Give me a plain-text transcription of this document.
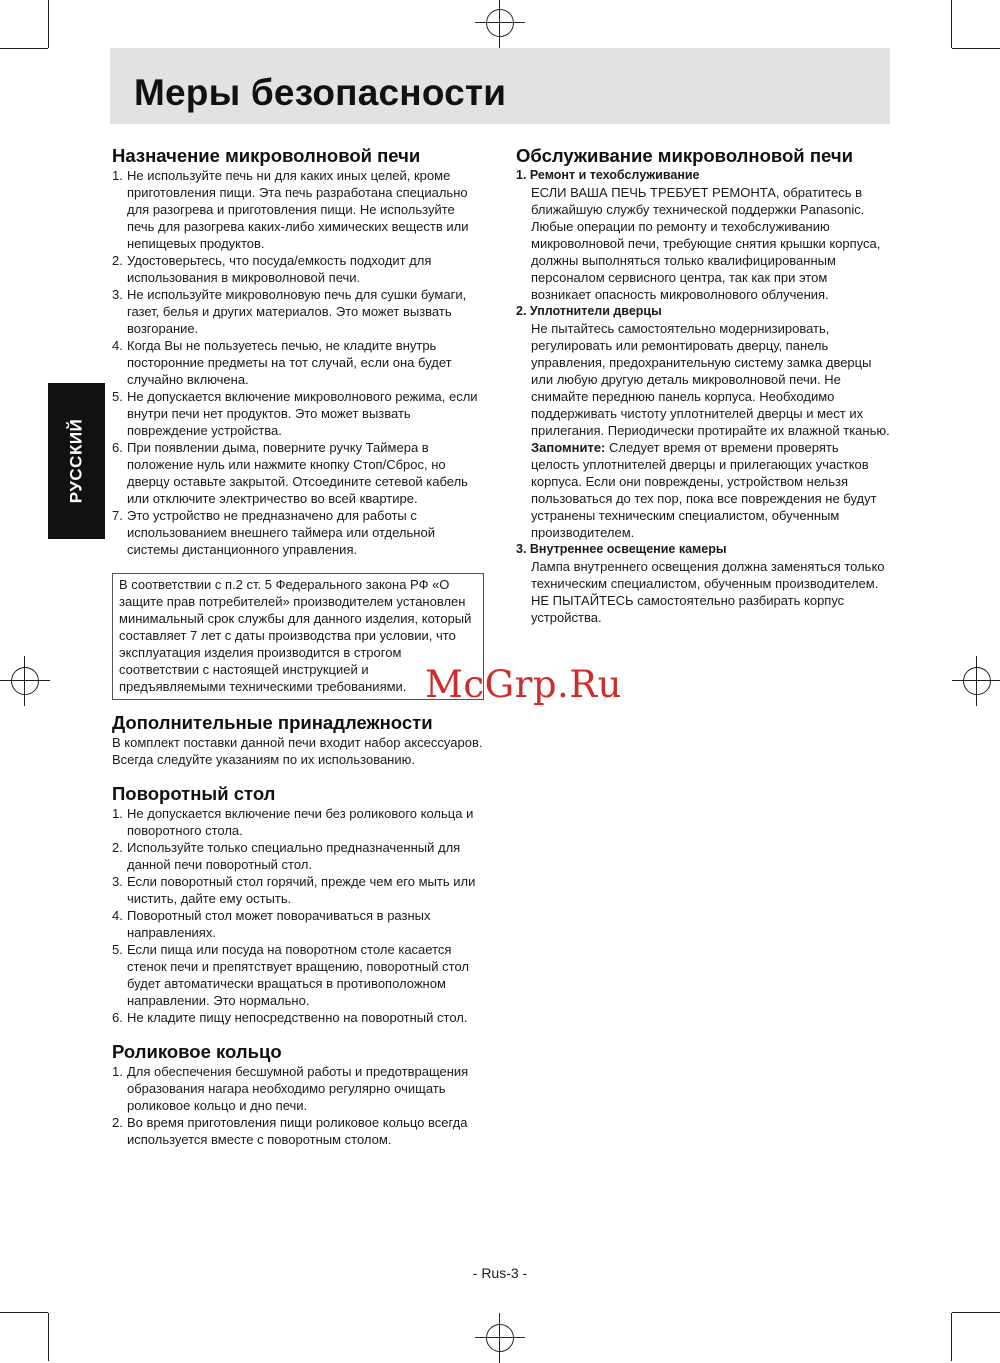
Меры безопасности
РУССКИЙ
Назначение микроволновой печи
1. Не используйте печь ни для каких иных целей, кроме приготовления пищи. Эта печь разработана специально для разогрева и приготовления пищи. Не используйте печь для разогрева каких-либо химических веществ или непищевых продуктов.
2. Удостоверьтесь, что посуда/емкость подходит для использования в микроволновой печи.
3. Не используйте микроволновую печь для сушки бумаги, газет, белья и других материалов. Это может вызвать возгорание.
4. Когда Вы не пользуетесь печью, не кладите внутрь посторонние предметы на тот случай, если она будет случайно включена.
5. Не допускается включение микроволнового режима, если внутри печи нет продуктов. Это может вызвать повреждение устройства.
6. При появлении дыма, поверните ручку Таймера в положение нуль или нажмите кнопку Стоп/Сброс, но дверцу оставьте закрытой. Отсоедините сетевой кабель или отключите электричество во всей квартире.
7. Это устройство не предназначено для работы с использованием внешнего таймера или отдельной системы дистанционного управления.
В соответствии с п.2 ст. 5 Федерального закона РФ «О защите прав потребителей» производителем установлен минимальный срок службы для данного изделия, который составляет 7 лет с даты производства при условии, что эксплуатация изделия производится в строгом соответствии с настоящей инструкцией и предъявляемыми техническими требованиями.
Дополнительные принадлежности

В комплект поставки данной печи входит набор аксессуаров. Всегда следуйте указаниям по их использованию.

Поворотный стол
1. Не допускается включение печи без роликового кольца и поворотного стола.
2. Используйте только специально предназначенный для данной печи поворотный стол.
3. Если поворотный стол горячий, прежде чем его мыть или чистить, дайте ему остыть.
4. Поворотный стол может поворачиваться в разных направлениях.
5. Если пища или посуда на поворотном столе касается стенок печи и препятствует вращению, поворотный стол будет автоматически вращаться в противоположном направлении. Это нормально.
6. Не кладите пищу непосредственно на поворотный стол.
Роликовое кольцо
1. Для обеспечения бесшумной работы и предотвращения образования нагара необходимо регулярно очищать роликовое кольцо и дно печи.
2. Во время приготовления пищи роликовое кольцо всегда используется вместе с поворотным столом.
Обслуживание микроволновой печи
1. Ремонт и техобслуживание

ЕСЛИ ВАША ПЕЧЬ ТРЕБУЕТ РЕМОНТА, обратитесь в ближайшую службу технической поддержки Panasonic. Любые операции по ремонту и техобслуживанию микроволновой печи, требующие снятия крышки корпуса, должны выполняться только квалифицированным персоналом сервисного центра, так как при этом возникает опасность микроволнового облучения.

2. Уплотнители дверцы

Не пытайтесь самостоятельно модернизировать, регулировать или ремонтировать дверцу, панель управления, предохранительную систему замка дверцы или любую другую деталь микроволновой печи. Не снимайте переднюю панель корпуса. Необходимо поддерживать чистоту уплотнителей дверцы и мест их прилегания. Периодически протирайте их влажной тканью.

Запомните: Следует время от времени проверять целость уплотнителей дверцы и прилегающих участков корпуса. Если они повреждены, устройством нельзя пользоваться до тех пор, пока все повреждения не будут устранены техническим специалистом, обученным производителем.

3. Внутреннее освещение камеры

Лампа внутреннего освещения должна заменяться только техническим специалистом, обученным производителем. НЕ ПЫТАЙТЕСЬ самостоятельно разбирать корпус устройства.

McGrp.Ru
- Rus-3 -
